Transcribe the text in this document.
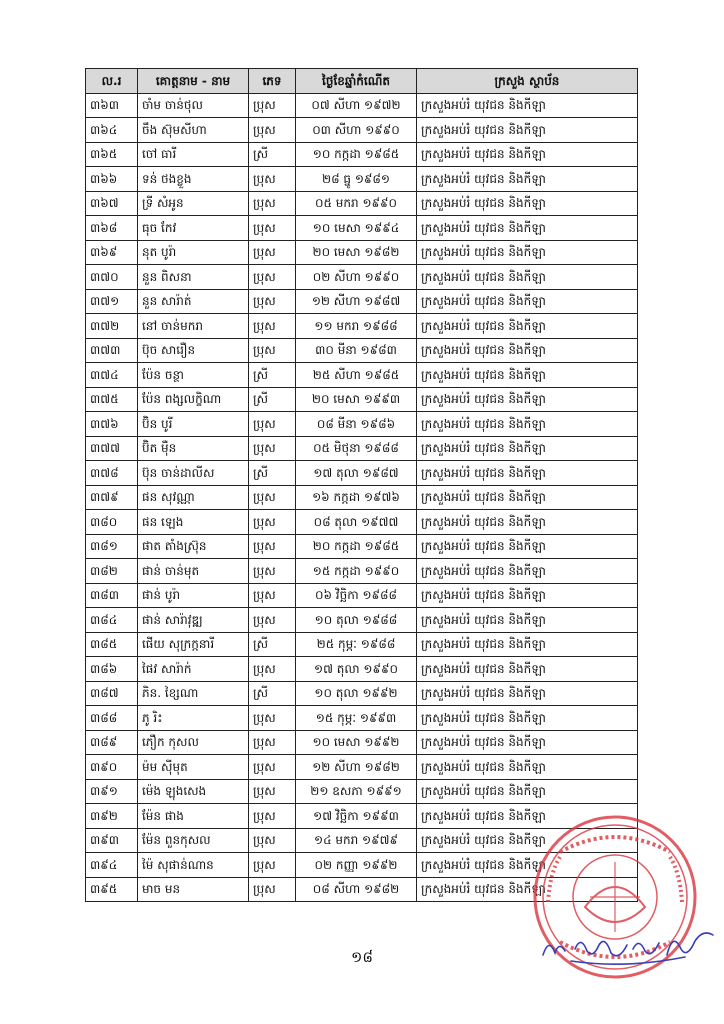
ល.រ	គោត្តនាម - នាម	ភេទ	ថ្ងៃខែឆ្នាំកំណើត	ក្រសួង ស្ថាប័ន
៣៦៣	ចាំម ចាន់ថុល	ប្រុស	០៧ សីហា ១៩៧២	ក្រសួងអប់រំ យុវជន និងកីឡា
៣៦៤	ចឹង ស៊ុមសីហា	ប្រុស	០៣ សីហា ១៩៩០	ក្រសួងអប់រំ យុវជន និងកីឡា
៣៦៥	ចៅ ធារី	ស្រី	១០ កក្កដា ១៩៨៥	ក្រសួងអប់រំ យុវជន និងកីឡា
៣៦៦	ទន់ ថងខ្លួង	ប្រុស	២៨ ធ្នូ ១៩៨១	ក្រសួងអប់រំ យុវជន និងកីឡា
៣៦៧	ទ្រី សំអូន	ប្រុស	០៥ មករា ១៩៩០	ក្រសួងអប់រំ យុវជន និងកីឡា
៣៦៨	ធុច កែវ	ប្រុស	១០ មេសា ១៩៩៤	ក្រសួងអប់រំ យុវជន និងកីឡា
៣៦៩	នុត បូរ៉ា	ប្រុស	២០ មេសា ១៩៨២	ក្រសួងអប់រំ យុវជន និងកីឡា
៣៧០	នួន ពិសនា	ប្រុស	០២ សីហា ១៩៩០	ក្រសួងអប់រំ យុវជន និងកីឡា
៣៧១	នួន សារ៉ាត់	ប្រុស	១២ សីហា ១៩៨៧	ក្រសួងអប់រំ យុវជន និងកីឡា
៣៧២	នៅ ចាន់មករា	ប្រុស	១១ មករា ១៩៨៨	ក្រសួងអប់រំ យុវជន និងកីឡា
៣៧៣	ប៊ុច សារឿន	ប្រុស	៣០ មីនា ១៩៨៣	ក្រសួងអប់រំ យុវជន និងកីឡា
៣៧៤	ប៉ែន ចន្ថា	ស្រី	២៥ សីហា ១៩៨៥	ក្រសួងអប់រំ យុវជន និងកីឡា
៣៧៥	ប៉ែន ពង្សលក្ខិណា	ស្រី	២០ មេសា ១៩៩៣	ក្រសួងអប់រំ យុវជន និងកីឡា
៣៧៦	ប៊ិន បូរី	ប្រុស	០៨ មីនា ១៩៨៦	ក្រសួងអប់រំ យុវជន និងកីឡា
៣៧៧	ប៊ិត ម៉ឺន	ប្រុស	០៥ មិថុនា ១៩៨៨	ក្រសួងអប់រំ យុវជន និងកីឡា
៣៧៨	ប៊ុន ចាន់ដាលីស	ស្រី	១៧ តុលា ១៩៨៧	ក្រសួងអប់រំ យុវជន និងកីឡា
៣៧៩	ផន សុវណ្ណា	ប្រុស	១៦ កក្កដា ១៩៧៦	ក្រសួងអប់រំ យុវជន និងកីឡា
៣៨០	ផន ឡេង	ប្រុស	០៨ តុលា ១៩៧៧	ក្រសួងអប់រំ យុវជន និងកីឡា
៣៨១	ផាត តាំងស្រ៊ុន	ប្រុស	២០ កក្កដា ១៩៨៥	ក្រសួងអប់រំ យុវជន និងកីឡា
៣៨២	ផាន់ ចាន់មុត	ប្រុស	១៥ កក្កដា ១៩៩០	ក្រសួងអប់រំ យុវជន និងកីឡា
៣៨៣	ផាន់ បូរ៉ា	ប្រុស	០៦ វិច្ឆិកា ១៩៨៨	ក្រសួងអប់រំ យុវជន និងកីឡា
៣៨៤	ផាន់ សារ៉ាវុឌ្ឍ	ប្រុស	១០ តុលា ១៩៨៨	ក្រសួងអប់រំ យុវជន និងកីឡា
៣៨៥	ផើយ សុក្រក្កនារី	ស្រី	២៥ កុម្ភៈ ១៩៨៨	ក្រសួងអប់រំ យុវជន និងកីឡា
៣៨៦	ផៃវ សារ៉ាក់	ប្រុស	១៧ តុលា ១៩៩០	ក្រសួងអប់រំ យុវជន និងកីឡា
៣៨៧	ភិន. ខ្សៃណា	ស្រី	១០ តុលា ១៩៩២	ក្រសួងអប់រំ យុវជន និងកីឡា
៣៨៨	ភូ រិះ	ប្រុស	១៥ កុម្ភៈ ១៩៩៣	ក្រសួងអប់រំ យុវជន និងកីឡា
៣៨៩	ភឿក កុសល	ប្រុស	១០ មេសា ១៩៩២	ក្រសួងអប់រំ យុវជន និងកីឡា
៣៩០	ម៉ម ស៊ីមុត	ប្រុស	១២ សីហា ១៩៨២	ក្រសួងអប់រំ យុវជន និងកីឡា
៣៩១	ម៉េង ឡុងសេង	ប្រុស	២១ ឧសភា ១៩៩១	ក្រសួងអប់រំ យុវជន និងកីឡា
៣៩២	ម៉ែន ផាង	ប្រុស	១៧ វិច្ឆិកា ១៩៩៣	ក្រសួងអប់រំ យុវជន និងកីឡា
៣៩៣	ម៉ែន ពួនកុសល	ប្រុស	១៤ មករា ១៩៧៩	ក្រសួងអប់រំ យុវជន និងកីឡា
៣៩៤	ម៉ៃ សុផាន់ណាន	ប្រុស	០២ កញ្ញា ១៩៩២	ក្រសួងអប់រំ យុវជន និងកីឡា
៣៩៥	មាច មន	ប្រុស	០៨ សីហា ១៩៨២	ក្រសួងអប់រំ យុវជន និងកីឡា
១៨
